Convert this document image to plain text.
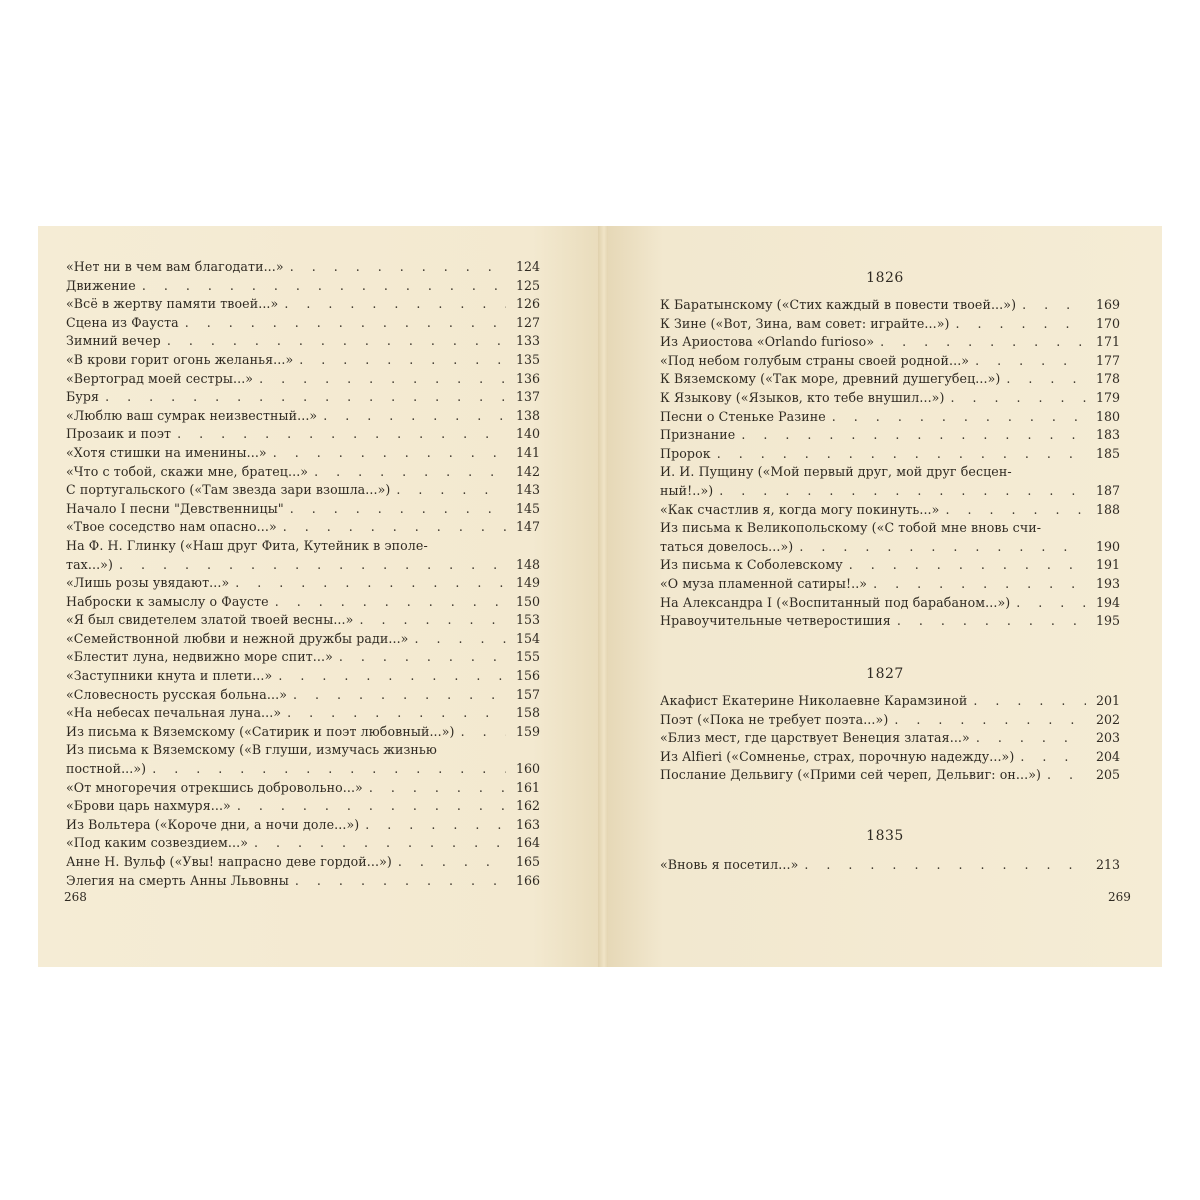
«Нет ни в чем вам благодати...» . . .	124
Движение . . .	125
«Всё в жертву памяти твоей...» . . .	126
Сцена из Фауста . . .	127
Зимний вечер . . .	133
«В крови горит огонь желанья...» . . .	135
«Вертоград моей сестры...» . . .	136
Буря . . .	137
«Люблю ваш сумрак неизвестный...» . . .	138
Прозаик и поэт . . .	140
«Хотя стишки на именины...» . . .	141
«Что с тобой, скажи мне, братец...» . . .	142
С португальского («Там звезда зари взошла...») . . .	143
Начало I песни "Девственницы" . . .	145
«Твое соседство нам опасно...» . . .	147
На Ф. Н. Глинку («Наш друг Фита, Кутейник в эполе-
тах...») . . .	148
«Лишь розы увядают...» . . .	149
Наброски к замыслу о Фаусте . . .	150
«Я был свидетелем златой твоей весны...» . . .	153
«Семействонной любви и нежной дружбы ради...» . . .	154
«Блестит луна, недвижно море спит...» . . .	155
«Заступники кнута и плети...» . . .	156
«Словесность русская больна...» . . .	157
«На небесах печальная луна...» . . .	158
Из письма к Вяземскому («Сатирик и поэт любовный...») . . .	159
Из письма к Вяземскому («В глуши, измучась жизнью
постной...») . . .	160
«От многоречия отрекшись добровольно...» . . .	161
«Брови царь нахмуря...» . . .	162
Из Вольтера («Короче дни, а ночи доле...») . . .	163
«Под каким созвездием...» . . .	164
Анне Н. Вульф («Увы! напрасно деве гордой...») . . .	165
Элегия на смерть Анны Львовны . . .	166
268
1826
К Баратынскому («Стих каждый в повести твоей...») . . .	169
К Зине («Вот, Зина, вам совет: играйте...») . . .	170
Из Ариостова «Orlando furioso» . . .	171
«Под небом голубым страны своей родной...» . . .	177
К Вяземскому («Так море, древний душегубец...») . . .	178
К Языкову («Языков, кто тебе внушил...») . . .	179
Песни о Стеньке Разине . . .	180
Признание . . .	183
Пророк . . .	185
И. И. Пущину («Мой первый друг, мой друг бесцен-
ный!..») . . .	187
«Как счастлив я, когда могу покинуть...» . . .	188
Из письма к Великопольскому («С тобой мне вновь счи-
таться довелось...») . . .	190
Из письма к Соболевскому . . .	191
«О муза пламенной сатиры!..» . . .	193
На Александра I («Воспитанный под барабаном...») . . .	194
Нравоучительные четверостишия . . .	195
1827
Акафист Екатерине Николаевне Карамзиной . . .	201
Поэт («Пока не требует поэта...») . . .	202
«Близ мест, где царствует Венеция златая...» . . .	203
Из Alfieri («Сомненье, страх, порочную надежду...») . . .	204
Послание Дельвигу («Прими сей череп, Дельвиг: он...») . . .	205
1835
«Вновь я посетил...» . . .	213
269
